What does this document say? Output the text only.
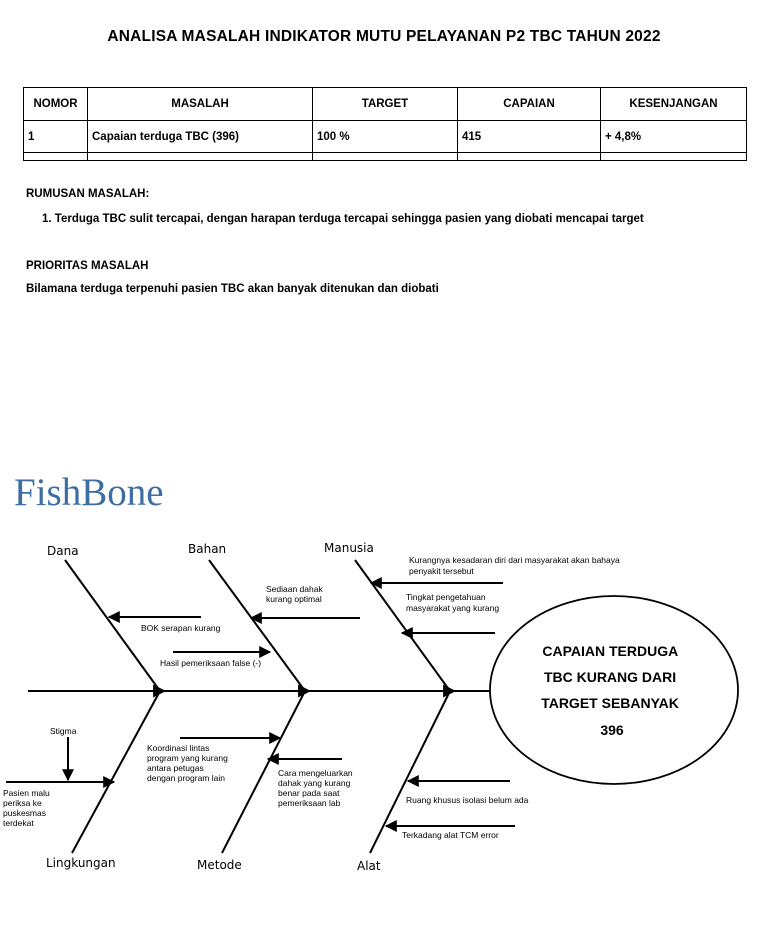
ANALISA MASALAH INDIKATOR MUTU PELAYANAN P2 TBC TAHUN 2022
NOMOR	MASALAH	TARGET	CAPAIAN	KESENJANGAN
1	Capaian terduga TBC (396)	100 %	415	+ 4,8%

RUMUSAN MASALAH:
1. Terduga TBC sulit tercapai, dengan harapan terduga tercapai sehingga pasien yang diobati mencapai target
PRIORITAS MASALAH
Bilamana terduga terpenuhi pasien TBC akan banyak ditenukan dan diobati
FishBone
CAPAIAN TERDUGA TBC KURANG DARI TARGET SEBANYAK 396
Dana	Bahan	Manusia
Lingkungan	Metode	Alat
BOK serapan kurang
Hasil pemeriksaan false (-)
Sediaan dahak kurang optimal
Kurangnya kesadaran diri dari masyarakat akan bahaya penyakit tersebut
Tingkat pengetahuan masyarakat yang kurang
Stigma
Pasien malu periksa ke puskesmas terdekat
Koordinasi lintas program yang kurang antara petugas dengan program lain	Cara mengeluarkan dahak yang kurang benar pada saat pemeriksaan lab	Ruang khusus isolasi belum ada
Terkadang alat TCM error
